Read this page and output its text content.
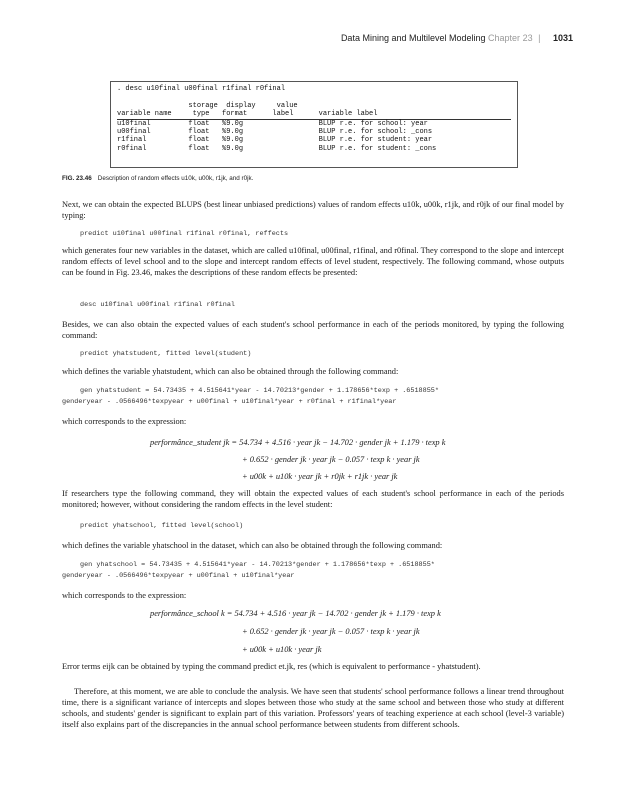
Data Mining and Multilevel Modeling Chapter 23 | 1031
. desc u10final u00final r1final r0final

storage  display     value
variable name     type   format      label      variable label
u10final         float   %9.0g                  BLUP r.e. for school: year
u00final         float   %9.0g                  BLUP r.e. for school: _cons
r1final          float   %9.0g                  BLUP r.e. for student: year
r0final          float   %9.0g                  BLUP r.e. for student: _cons
FIG. 23.46 Description of random effects u10k, u00k, r1jk, and r0jk.
Next, we can obtain the expected BLUPS (best linear unbiased predictions) values of random effects u10k, u00k, r1jk, and r0jk of our final model by typing:
predict u10final u00final r1final r0final, reffects
which generates four new variables in the dataset, which are called u10final, u00final, r1final, and r0final. They correspond to the slope and intercept random effects of level school and to the slope and intercept random effects of level student, respectively. The following command, whose outputs can be found in Fig. 23.46, makes the descriptions of these random effects be presented:
desc u10final u00final r1final r0final
Besides, we can also obtain the expected values of each student's school performance in each of the periods monitored, by typing the following command:
predict yhatstudent, fitted level(student)
which defines the variable yhatstudent, which can also be obtained through the following command:
gen yhatstudent = 54.73435 + 4.515641*year - 14.70213*gender + 1.178656*texp + .6518855*
genderyear - .0566496*texpyear + u00final + u10final*year + r0final + r1final*year
which corresponds to the expression:
performâncе_student jk = 54.734 + 4.516 · year jk − 14.702 · gender jk + 1.179 · texp k
+ 0.652 · gender jk · year jk − 0.057 · texp k · year jk
+ u00k + u10k · year jk + r0jk + r1jk · year jk
If researchers type the following command, they will obtain the expected values of each student's school performance in each of the periods monitored; however, without considering the random effects in the level student:
predict yhatschool, fitted level(school)
which defines the variable yhatschool in the dataset, which can also be obtained through the following command:
gen yhatschool = 54.73435 + 4.515641*year - 14.70213*gender + 1.178656*texp + .6518855*
genderyear - .0566496*texpyear + u00final + u10final*year
which corresponds to the expression:
performânce_school k = 54.734 + 4.516 · year jk − 14.702 · gender jk + 1.179 · texp k
+ 0.652 · gender jk · year jk − 0.057 · texp k · year jk
+ u00k + u10k · year jk
Error terms eijk can be obtained by typing the command predict et.jk, res (which is equivalent to performance - yhatstudent).
Therefore, at this moment, we are able to conclude the analysis. We have seen that students' school performance follows a linear trend throughout time, there is a significant variance of intercepts and slopes between those who study at the same school and between those who study at different schools, and students' gender is significant to explain part of this variation. Professors' years of teaching experience at each school (level-3 variable) itself also explains part of the discrepancies in the annual school performance between students from different schools.
